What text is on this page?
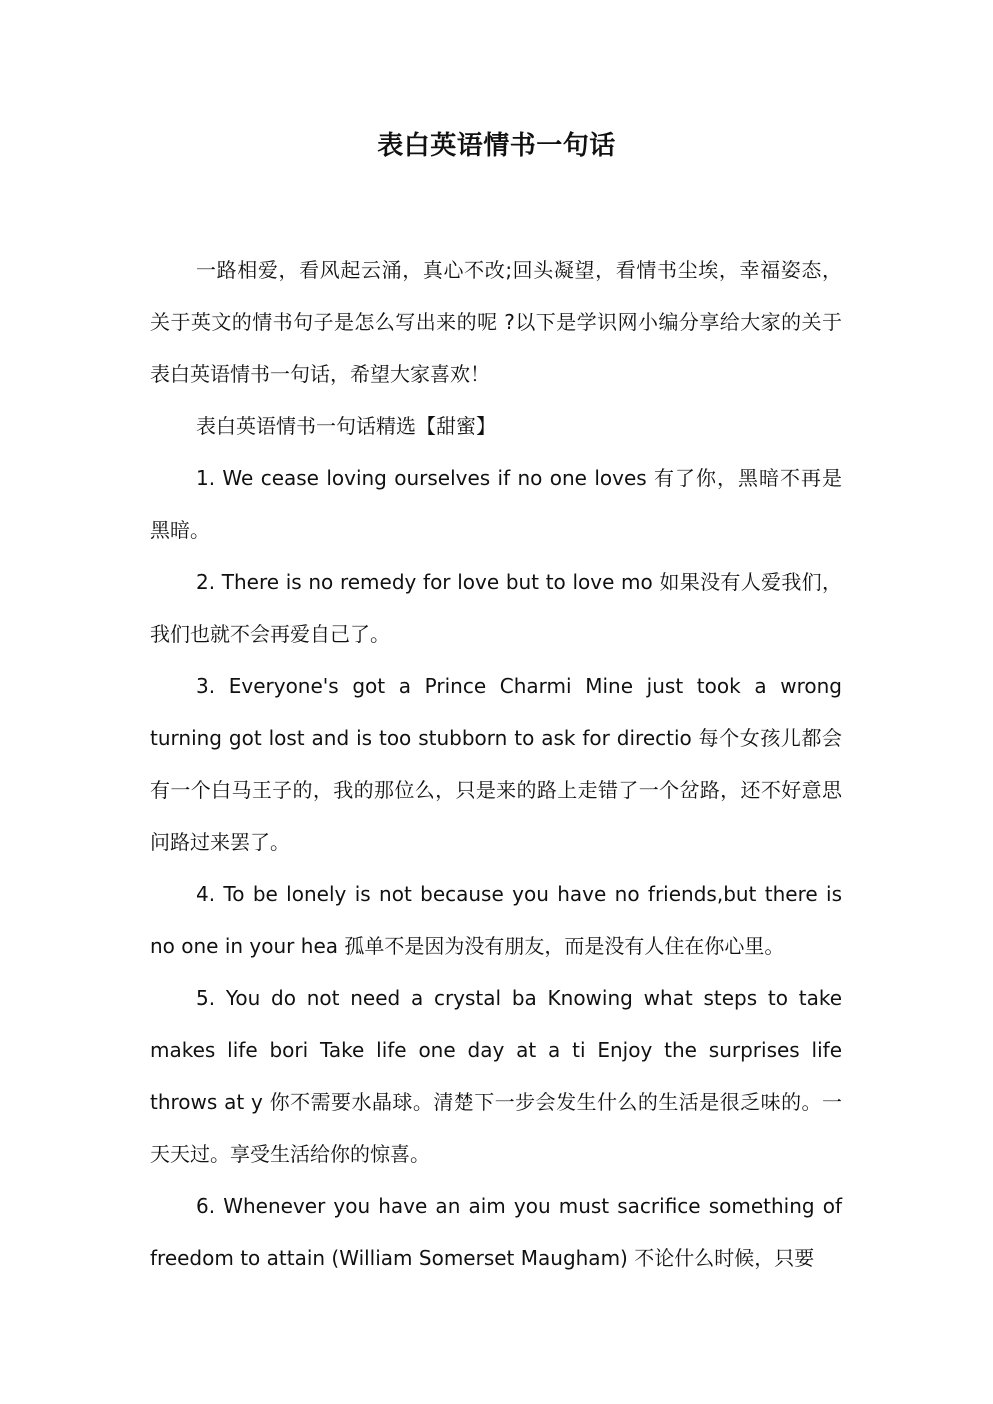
表白英语情书一句话

一路相爱，看风起云涌，真心不改;回头凝望，看情书尘埃，幸福姿态，关于英文的情书句子是怎么写出来的呢 ?以下是学识网小编分享给大家的关于表白英语情书一句话，希望大家喜欢！

表白英语情书一句话精选【甜蜜】

1. We cease loving ourselves if no one loves 有了你，黑暗不再是黑暗。

2. There is no remedy for love but to love mo 如果没有人爱我们，我们也就不会再爱自己了。

3. Everyone's got a Prince Charmi Mine just took a wrong turning got lost and is too stubborn to ask for directio 每个女孩儿都会有一个白马王子的，我的那位么，只是来的路上走错了一个岔路，还不好意思问路过来罢了。

4. To be lonely is not because you have no friends,but there is no one in your hea 孤单不是因为没有朋友，而是没有人住在你心里。

5. You do not need a crystal ba Knowing what steps to take makes life bori Take life one day at a ti Enjoy the surprises life throws at y 你不需要水晶球。清楚下一步会发生什么的生活是很乏味的。一天天过。享受生活给你的惊喜。

6. Whenever you have an aim you must sacrifice something of freedom to attain (William Somerset Maugham) 不论什么时候，只要
